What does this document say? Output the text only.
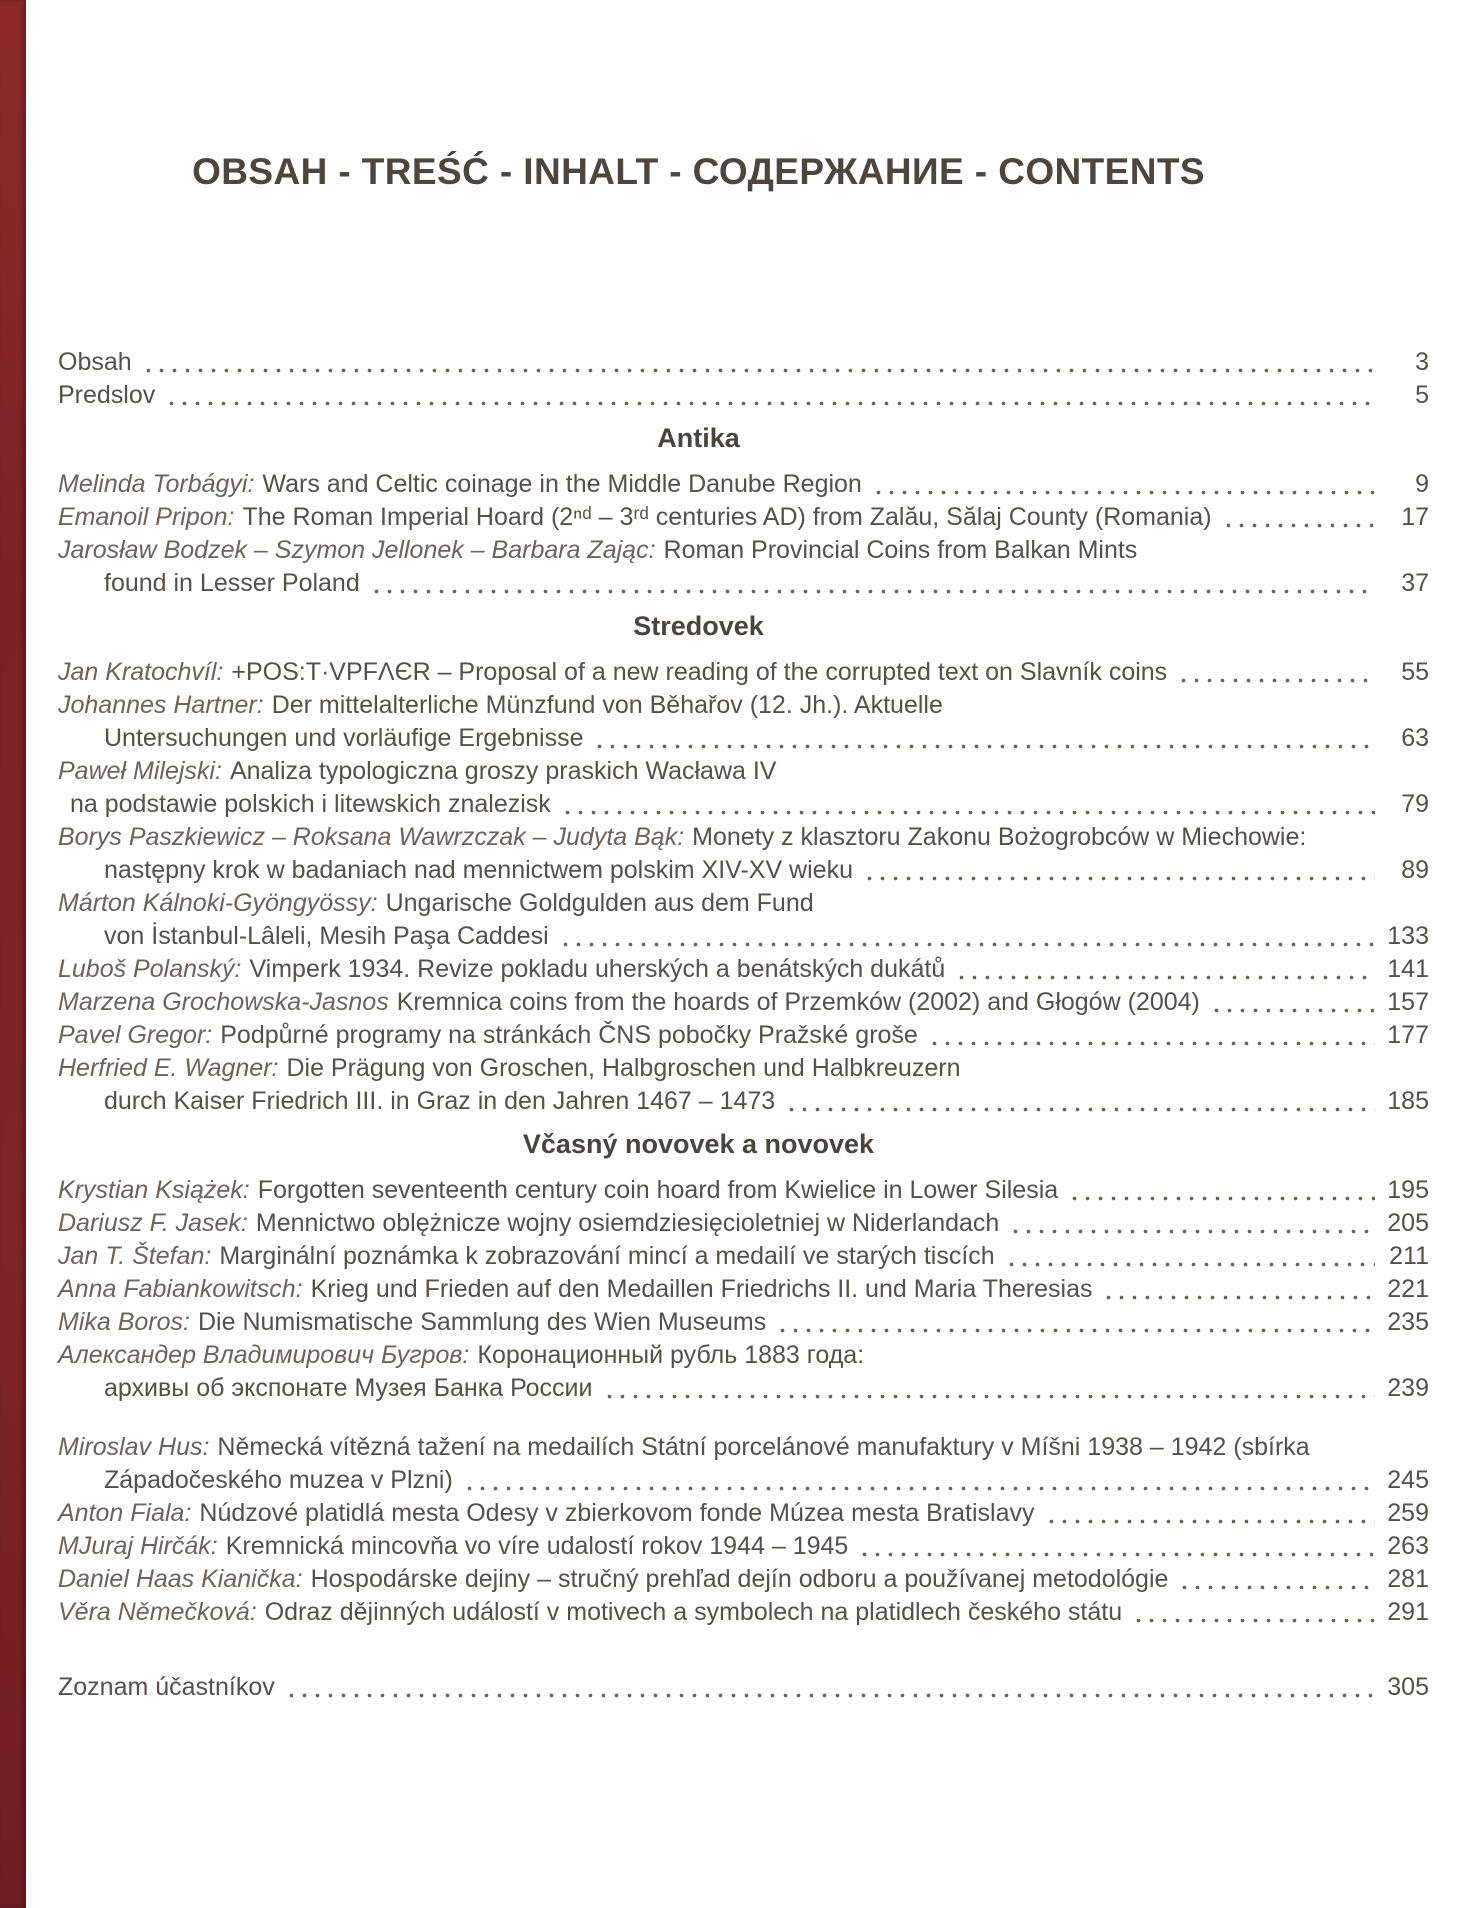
OBSAH - TREŚĆ - INHALT - СОДЕРЖАНИЕ - CONTENTS
Obsah	3
Predslov	5
Antika
Melinda Torbágyi: Wars and Celtic coinage in the Middle Danube Region	9
Emanoil Pripon: The Roman Imperial Hoard (2ⁿᵈ – 3ʳᵈ centuries AD) from Zalău, Sălaj County (Romania)	17
Jarosław Bodzek – Szymon Jellonek – Barbara Zając: Roman Provincial Coins from Balkan Mints
found in Lesser Poland	37
Stredovek
Jan Kratochvíl: +POS:T·VPFΛЄR – Proposal of a new reading of the corrupted text on Slavník coins	55
Johannes Hartner: Der mittelalterliche Münzfund von Běhařov (12. Jh.). Aktuelle
Untersuchungen und vorläufige Ergebnisse	63
Paweł Milejski: Analiza typologiczna groszy praskich Wacława IV
na podstawie polskich i litewskich znalezisk	79
Borys Paszkiewicz – Roksana Wawrzczak – Judyta Bąk: Monety z klasztoru Zakonu Bożogrobców w Miechowie:
następny krok w badaniach nad mennictwem polskim XIV-XV wieku	89
Márton Kálnoki-Gyöngyössy: Ungarische Goldgulden aus dem Fund
von İstanbul-Lâleli, Mesih Paşa Caddesi	133
Luboš Polanský: Vimperk 1934. Revize pokladu uherských a benátských dukátů	141
Marzena Grochowska-Jasnos Kremnica coins from the hoards of Przemków (2002) and Głogów (2004)	157
Pavel Gregor: Podpůrné programy na stránkách ČNS pobočky Pražské groše	177
Herfried E. Wagner: Die Prägung von Groschen, Halbgroschen und Halbkreuzern
durch Kaiser Friedrich III. in Graz in den Jahren 1467 – 1473	185
Včasný novovek a novovek
Krystian Książek: Forgotten seventeenth century coin hoard from Kwielice in Lower Silesia	195
Dariusz F. Jasek: Mennictwo oblężnicze wojny osiemdziesięcioletniej w Niderlandach	205
Jan T. Štefan: Marginální poznámka k zobrazování mincí a medailí ve starých tiscích	211
Anna Fabiankowitsch: Krieg und Frieden auf den Medaillen Friedrichs II. und Maria Theresias	221
Mika Boros: Die Numismatische Sammlung des Wien Museums	235
Александер Владимирович Бугров: Коронационный рубль 1883 года:
архивы об экспонате Музея Банка России	239
Miroslav Hus: Německá vítězná tažení na medailích Státní porcelánové manufaktury v Míšni 1938 – 1942 (sbírka
Západočeského muzea v Plzni)	245
Anton Fiala: Núdzové platidlá mesta Odesy v zbierkovom fonde Múzea mesta Bratislavy	259
MJuraj Hirčák: Kremnická mincovňa vo víre udalostí rokov 1944 – 1945	263
Daniel Haas Kianička: Hospodárske dejiny – stručný prehľad dejín odboru a používanej metodológie	281
Věra Němečková: Odraz dějinných událostí v motivech a symbolech na platidlech českého státu	291
Zoznam účastníkov	305
